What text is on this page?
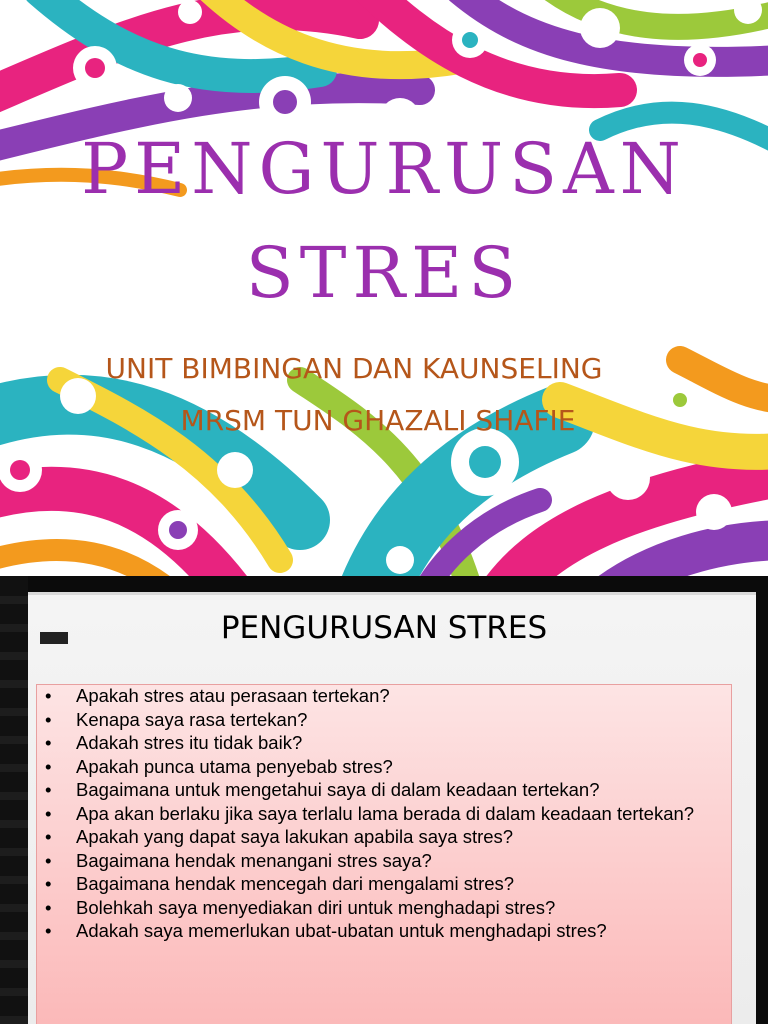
PENGURUSAN
STRES
UNIT BIMBINGAN DAN KAUNSELING
MRSM TUN GHAZALI SHAFIE
PENGURUSAN STRES
• Apakah stres atau perasaan tertekan?
• Kenapa saya rasa tertekan?
• Adakah stres itu tidak baik?
• Apakah punca utama penyebab stres?
• Bagaimana untuk mengetahui saya di dalam keadaan tertekan?
• Apa akan berlaku jika saya terlalu lama berada di dalam keadaan tertekan?
• Apakah yang dapat saya lakukan apabila saya stres?
• Bagaimana hendak menangani stres saya?
• Bagaimana hendak mencegah dari mengalami stres?
• Bolehkah saya menyediakan diri untuk menghadapi stres?
• Adakah saya memerlukan ubat-ubatan untuk menghadapi stres?
